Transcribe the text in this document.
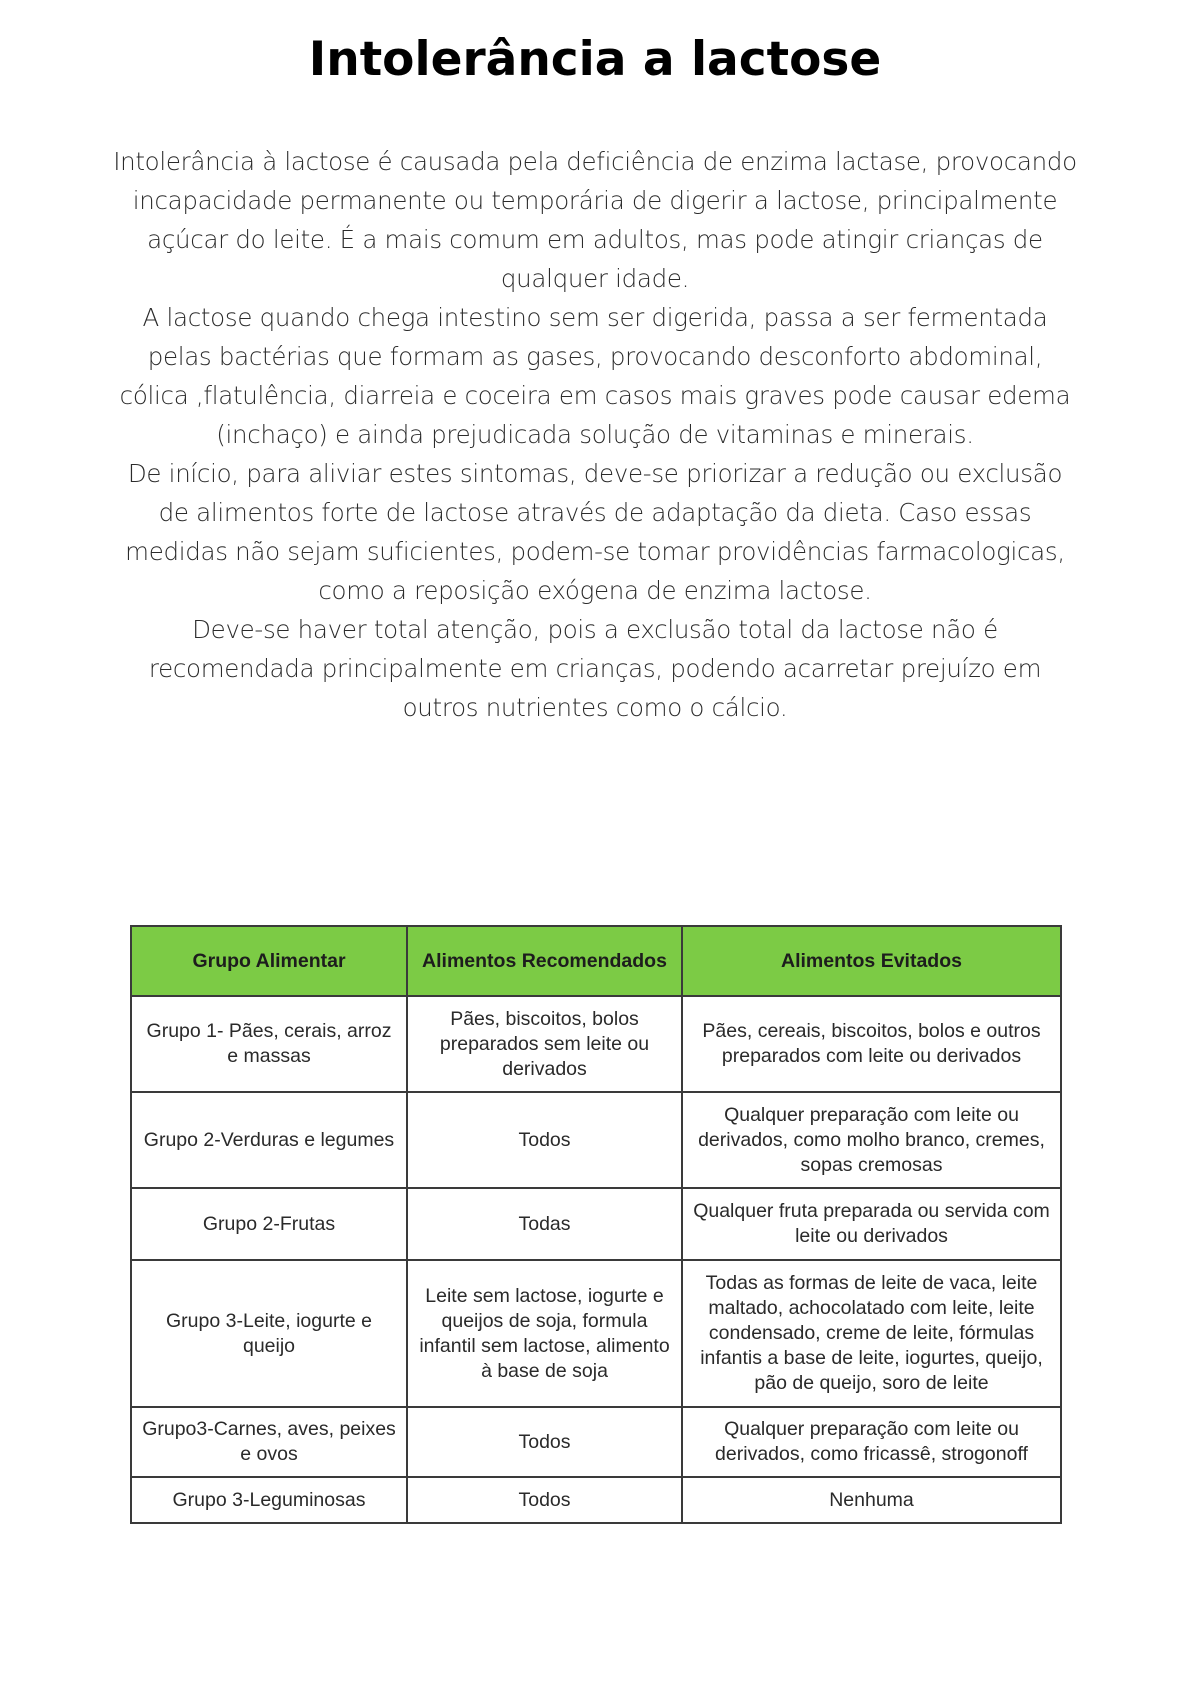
Intolerância a lactose

Intolerância à lactose é causada pela deficiência de enzima lactase, provocando incapacidade permanente ou temporária de digerir a lactose, principalmente açúcar do leite. É a mais comum em adultos, mas pode atingir crianças de qualquer idade.

A lactose quando chega intestino sem ser digerida, passa a ser fermentada pelas bactérias que formam as gases, provocando desconforto abdominal, cólica ,flatulência, diarreia e coceira em casos mais graves pode causar edema (inchaço) e ainda prejudicada solução de vitaminas e minerais.

De início, para aliviar estes sintomas, deve-se priorizar a redução ou exclusão de alimentos forte de lactose através de adaptação da dieta. Caso essas medidas não sejam suficientes, podem-se tomar providências farmacologicas, como a reposição exógena de enzima lactose.

Deve-se haver total atenção, pois a exclusão total da lactose não é recomendada principalmente em crianças, podendo acarretar prejuízo em outros nutrientes como o cálcio.

Grupo Alimentar	Alimentos Recomendados	Alimentos Evitados
Grupo 1- Pães, cerais, arroz e massas	Pães, biscoitos, bolos preparados sem leite ou derivados	Pães, cereais, biscoitos, bolos e outros preparados com leite ou derivados
Grupo 2-Verduras e legumes	Todos	Qualquer preparação com leite ou derivados, como molho branco, cremes, sopas cremosas
Grupo 2-Frutas	Todas	Qualquer fruta preparada ou servida com leite ou derivados
Grupo 3-Leite, iogurte e queijo	Leite sem lactose, iogurte e queijos de soja, formula infantil sem lactose, alimento à base de soja	Todas as formas de leite de vaca, leite maltado, achocolatado com leite, leite condensado, creme de leite, fórmulas infantis a base de leite, iogurtes, queijo, pão de queijo, soro de leite
Grupo3-Carnes, aves, peixes e ovos	Todos	Qualquer preparação com leite ou derivados, como fricassê, strogonoff
Grupo 3-Leguminosas	Todos	Nenhuma
